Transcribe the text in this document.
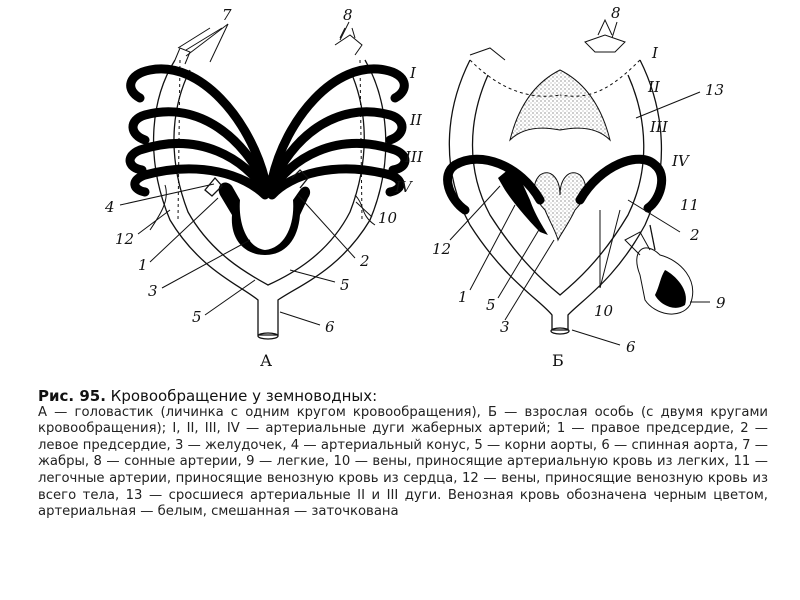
7	8
I
II
III
IV
4
10
12
1	2
3	5
5
6
А
8
I
II	13
III
IV
11
2
12
1 5
3
10	9
6
Б

Рис. 95. Кровообращение у земноводных:

А — головастик (личинка с одним кругом кровообращения), Б — взрослая особь (с двумя кругами кровообращения); I, II, III, IV — артериальные дуги жаберных артерий; 1 — правое предсердие, 2 — левое предсердие, 3 — желудочек, 4 — артериальный конус, 5 — корни аорты, 6 — спинная аорта, 7 — жабры, 8 — сонные артерии, 9 — легкие, 10 — вены, приносящие артериальную кровь из легких, 11 — легочные артерии, приносящие венозную кровь из сердца, 12 — вены, приносящие венозную кровь из всего тела, 13 — сросшиеся артериальные II и III дуги. Венозная кровь обозначена черным цветом, артериальная — белым, смешанная — заточкована
